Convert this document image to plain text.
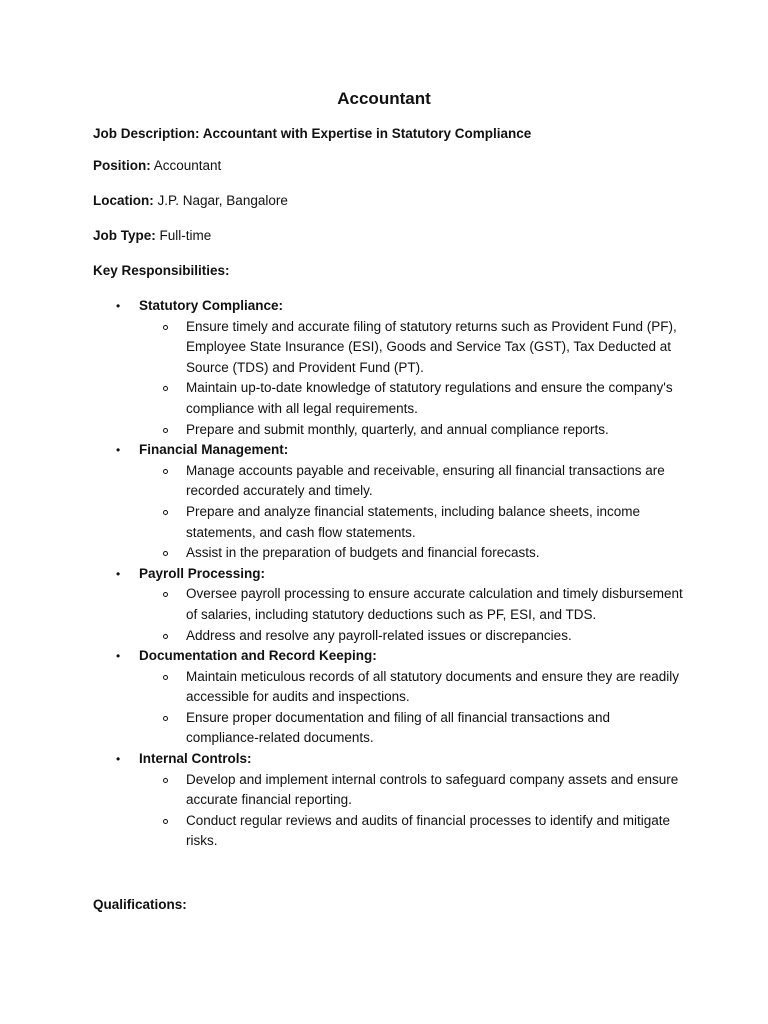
Accountant

Job Description: Accountant with Expertise in Statutory Compliance

Position: Accountant

Location: J.P. Nagar, Bangalore

Job Type: Full-time

Key Responsibilities:

• Statutory Compliance:
Ensure timely and accurate filing of statutory returns such as Provident Fund (PF), Employee State Insurance (ESI), Goods and Service Tax (GST), Tax Deducted at Source (TDS) and Provident Fund (PT).
Maintain up-to-date knowledge of statutory regulations and ensure the company's compliance with all legal requirements.
Prepare and submit monthly, quarterly, and annual compliance reports.
• Financial Management:
Manage accounts payable and receivable, ensuring all financial transactions are recorded accurately and timely.
Prepare and analyze financial statements, including balance sheets, income statements, and cash flow statements.
Assist in the preparation of budgets and financial forecasts.
• Payroll Processing:
Oversee payroll processing to ensure accurate calculation and timely disbursement of salaries, including statutory deductions such as PF, ESI, and TDS.
Address and resolve any payroll-related issues or discrepancies.
• Documentation and Record Keeping:
Maintain meticulous records of all statutory documents and ensure they are readily accessible for audits and inspections.
Ensure proper documentation and filing of all financial transactions and compliance-related documents.
• Internal Controls:
Develop and implement internal controls to safeguard company assets and ensure accurate financial reporting.
Conduct regular reviews and audits of financial processes to identify and mitigate risks.

Qualifications:
